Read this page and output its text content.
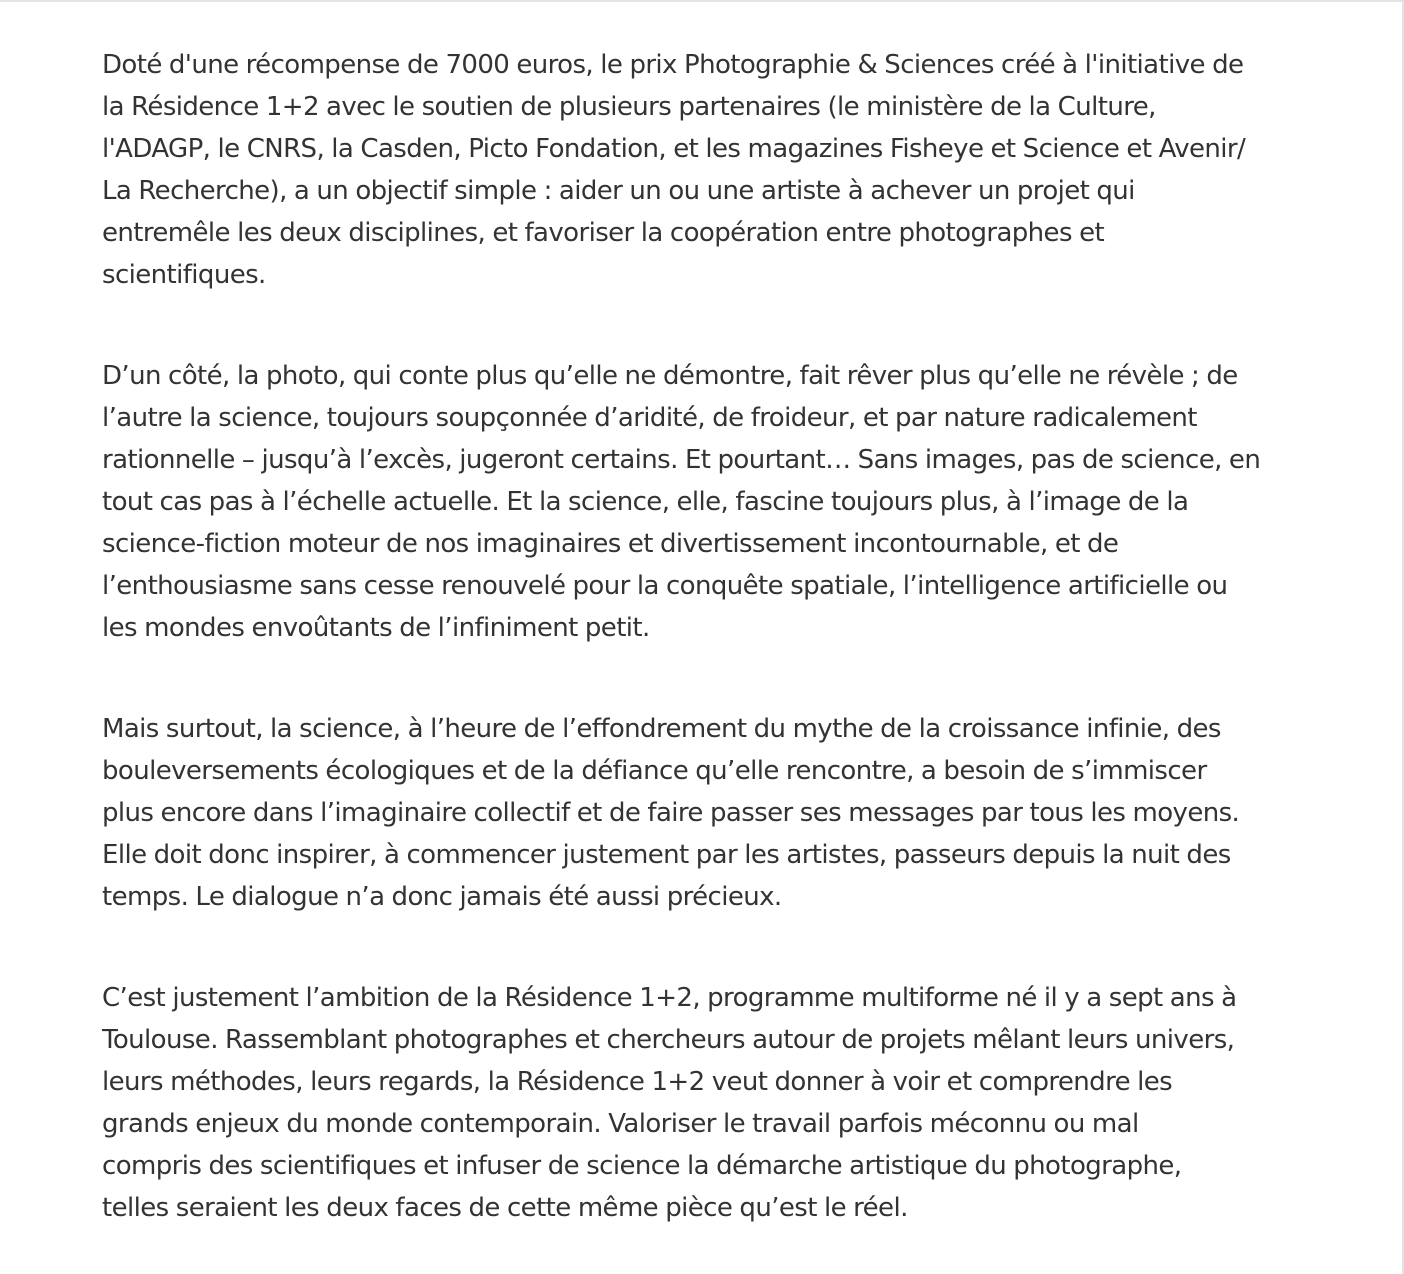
Doté d'une récompense de 7000 euros, le prix Photographie & Sciences créé à l'initiative de
la Résidence 1+2 avec le soutien de plusieurs partenaires (le ministère de la Culture,
l'ADAGP, le CNRS, la Casden, Picto Fondation, et les magazines Fisheye et Science et Avenir/
La Recherche), a un objectif simple : aider un ou une artiste à achever un projet qui
entremêle les deux disciplines, et favoriser la coopération entre photographes et
scientifiques.

D’un côté, la photo, qui conte plus qu’elle ne démontre, fait rêver plus qu’elle ne révèle ; de
l’autre la science, toujours soupçonnée d’aridité, de froideur, et par nature radicalement
rationnelle – jusqu’à l’excès, jugeront certains. Et pourtant… Sans images, pas de science, en
tout cas pas à l’échelle actuelle. Et la science, elle, fascine toujours plus, à l’image de la
science-fiction moteur de nos imaginaires et divertissement incontournable, et de
l’enthousiasme sans cesse renouvelé pour la conquête spatiale, l’intelligence artificielle ou
les mondes envoûtants de l’infiniment petit.

Mais surtout, la science, à l’heure de l’effondrement du mythe de la croissance infinie, des
bouleversements écologiques et de la défiance qu’elle rencontre, a besoin de s’immiscer
plus encore dans l’imaginaire collectif et de faire passer ses messages par tous les moyens.
Elle doit donc inspirer, à commencer justement par les artistes, passeurs depuis la nuit des
temps. Le dialogue n’a donc jamais été aussi précieux.

C’est justement l’ambition de la Résidence 1+2, programme multiforme né il y a sept ans à
Toulouse. Rassemblant photographes et chercheurs autour de projets mêlant leurs univers,
leurs méthodes, leurs regards, la Résidence 1+2 veut donner à voir et comprendre les
grands enjeux du monde contemporain. Valoriser le travail parfois méconnu ou mal
compris des scientifiques et infuser de science la démarche artistique du photographe,
telles seraient les deux faces de cette même pièce qu’est le réel.
